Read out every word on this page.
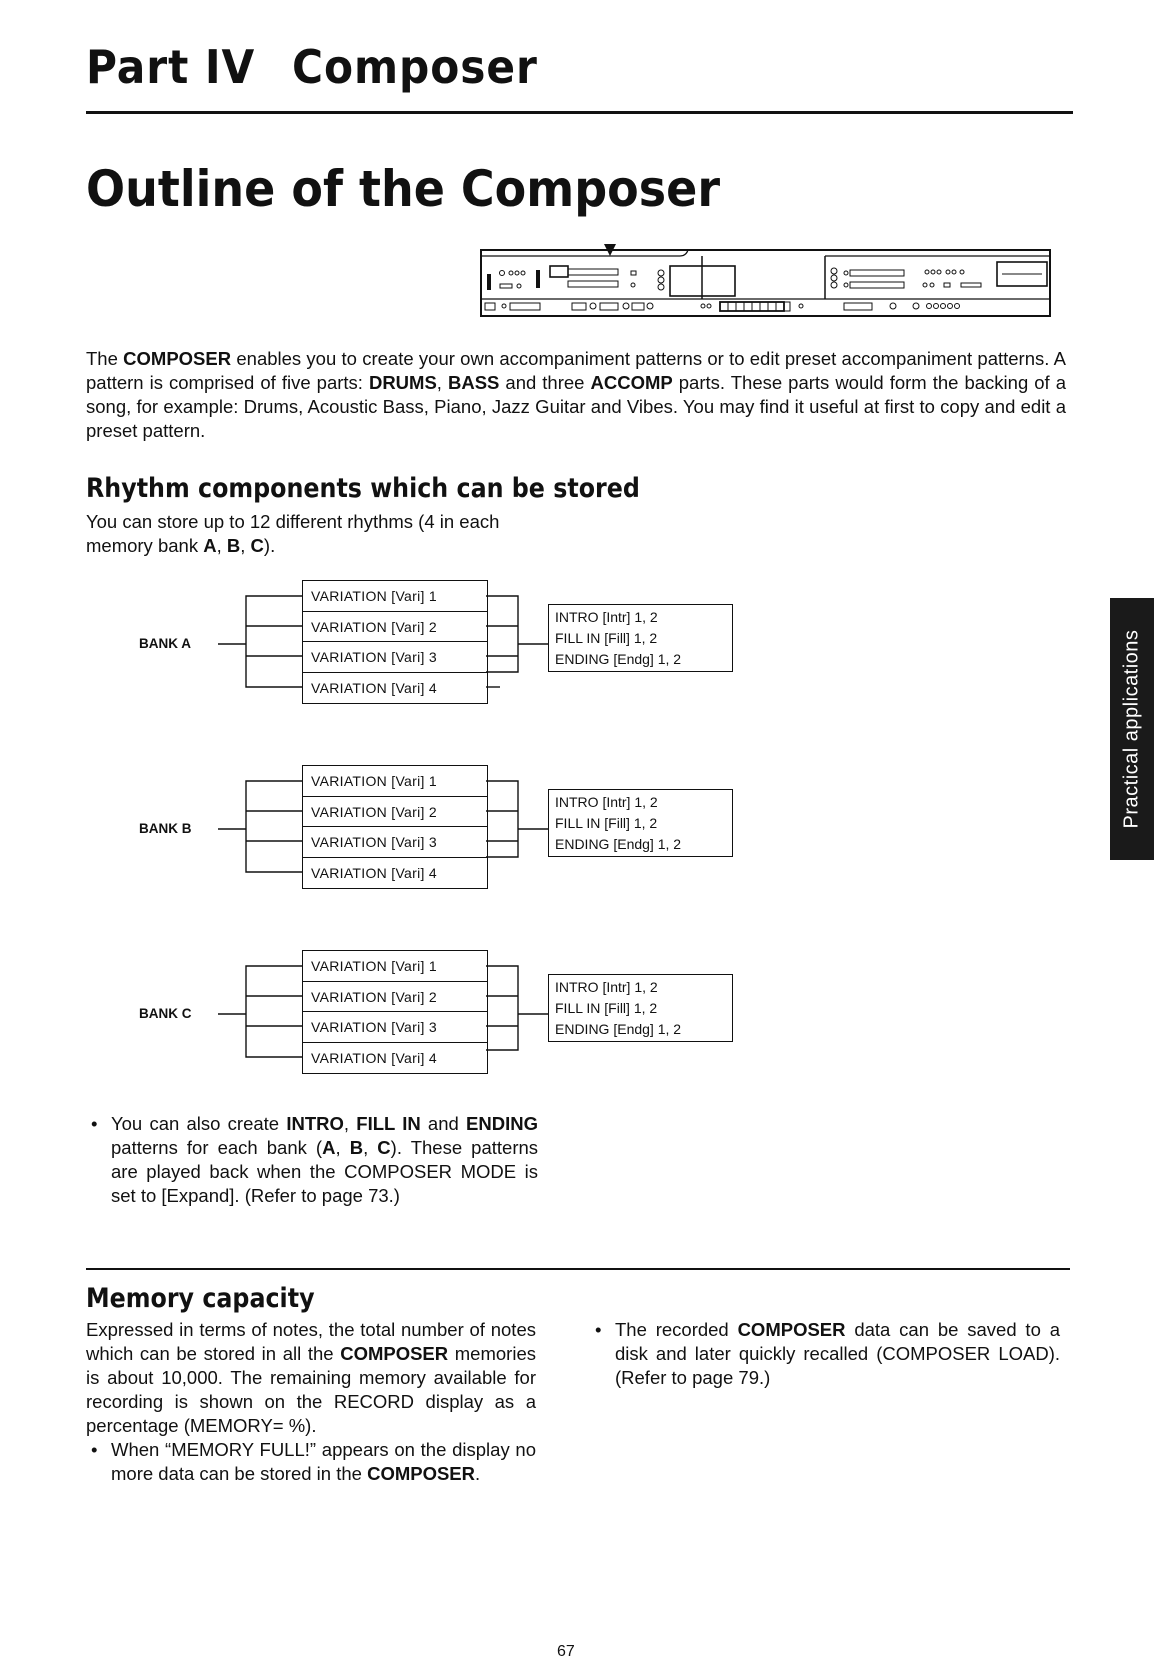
Part IV Composer
Outline of the Composer
The COMPOSER enables you to create your own accompaniment patterns or to edit preset accompaniment patterns. A pattern is comprised of five parts: DRUMS, BASS and three ACCOMP parts. These parts would form the backing of a song, for example: Drums, Acoustic Bass, Piano, Jazz Guitar and Vibes. You may find it useful at first to copy and edit a preset pattern.
Rhythm components which can be stored
You can store up to 12 different rhythms (4 in each memory bank A, B, C).
BANK A
VARIATION [Vari] 1
VARIATION [Vari] 2
VARIATION [Vari] 3
VARIATION [Vari] 4
INTRO [Intr] 1, 2
FILL IN [Fill] 1, 2
ENDING [Endg] 1, 2
BANK B
VARIATION [Vari] 1
VARIATION [Vari] 2
VARIATION [Vari] 3
VARIATION [Vari] 4
INTRO [Intr] 1, 2
FILL IN [Fill] 1, 2
ENDING [Endg] 1, 2
BANK C
VARIATION [Vari] 1
VARIATION [Vari] 2
VARIATION [Vari] 3
VARIATION [Vari] 4
INTRO [Intr] 1, 2
FILL IN [Fill] 1, 2
ENDING [Endg] 1, 2
• You can also create INTRO, FILL IN and ENDING patterns for each bank (A, B, C). These patterns are played back when the COMPOSER MODE is set to [Expand]. (Refer to page 73.)
Memory capacity
Expressed in terms of notes, the total number of notes which can be stored in all the COMPOSER memories is about 10,000. The remaining memory available for recording is shown on the RECORD display as a percentage (MEMORY= %).
• When “MEMORY FULL!” appears on the display no more data can be stored in the COMPOSER.
• The recorded COMPOSER data can be saved to a disk and later quickly recalled (COMPOSER LOAD). (Refer to page 79.)
Practical applications
67
